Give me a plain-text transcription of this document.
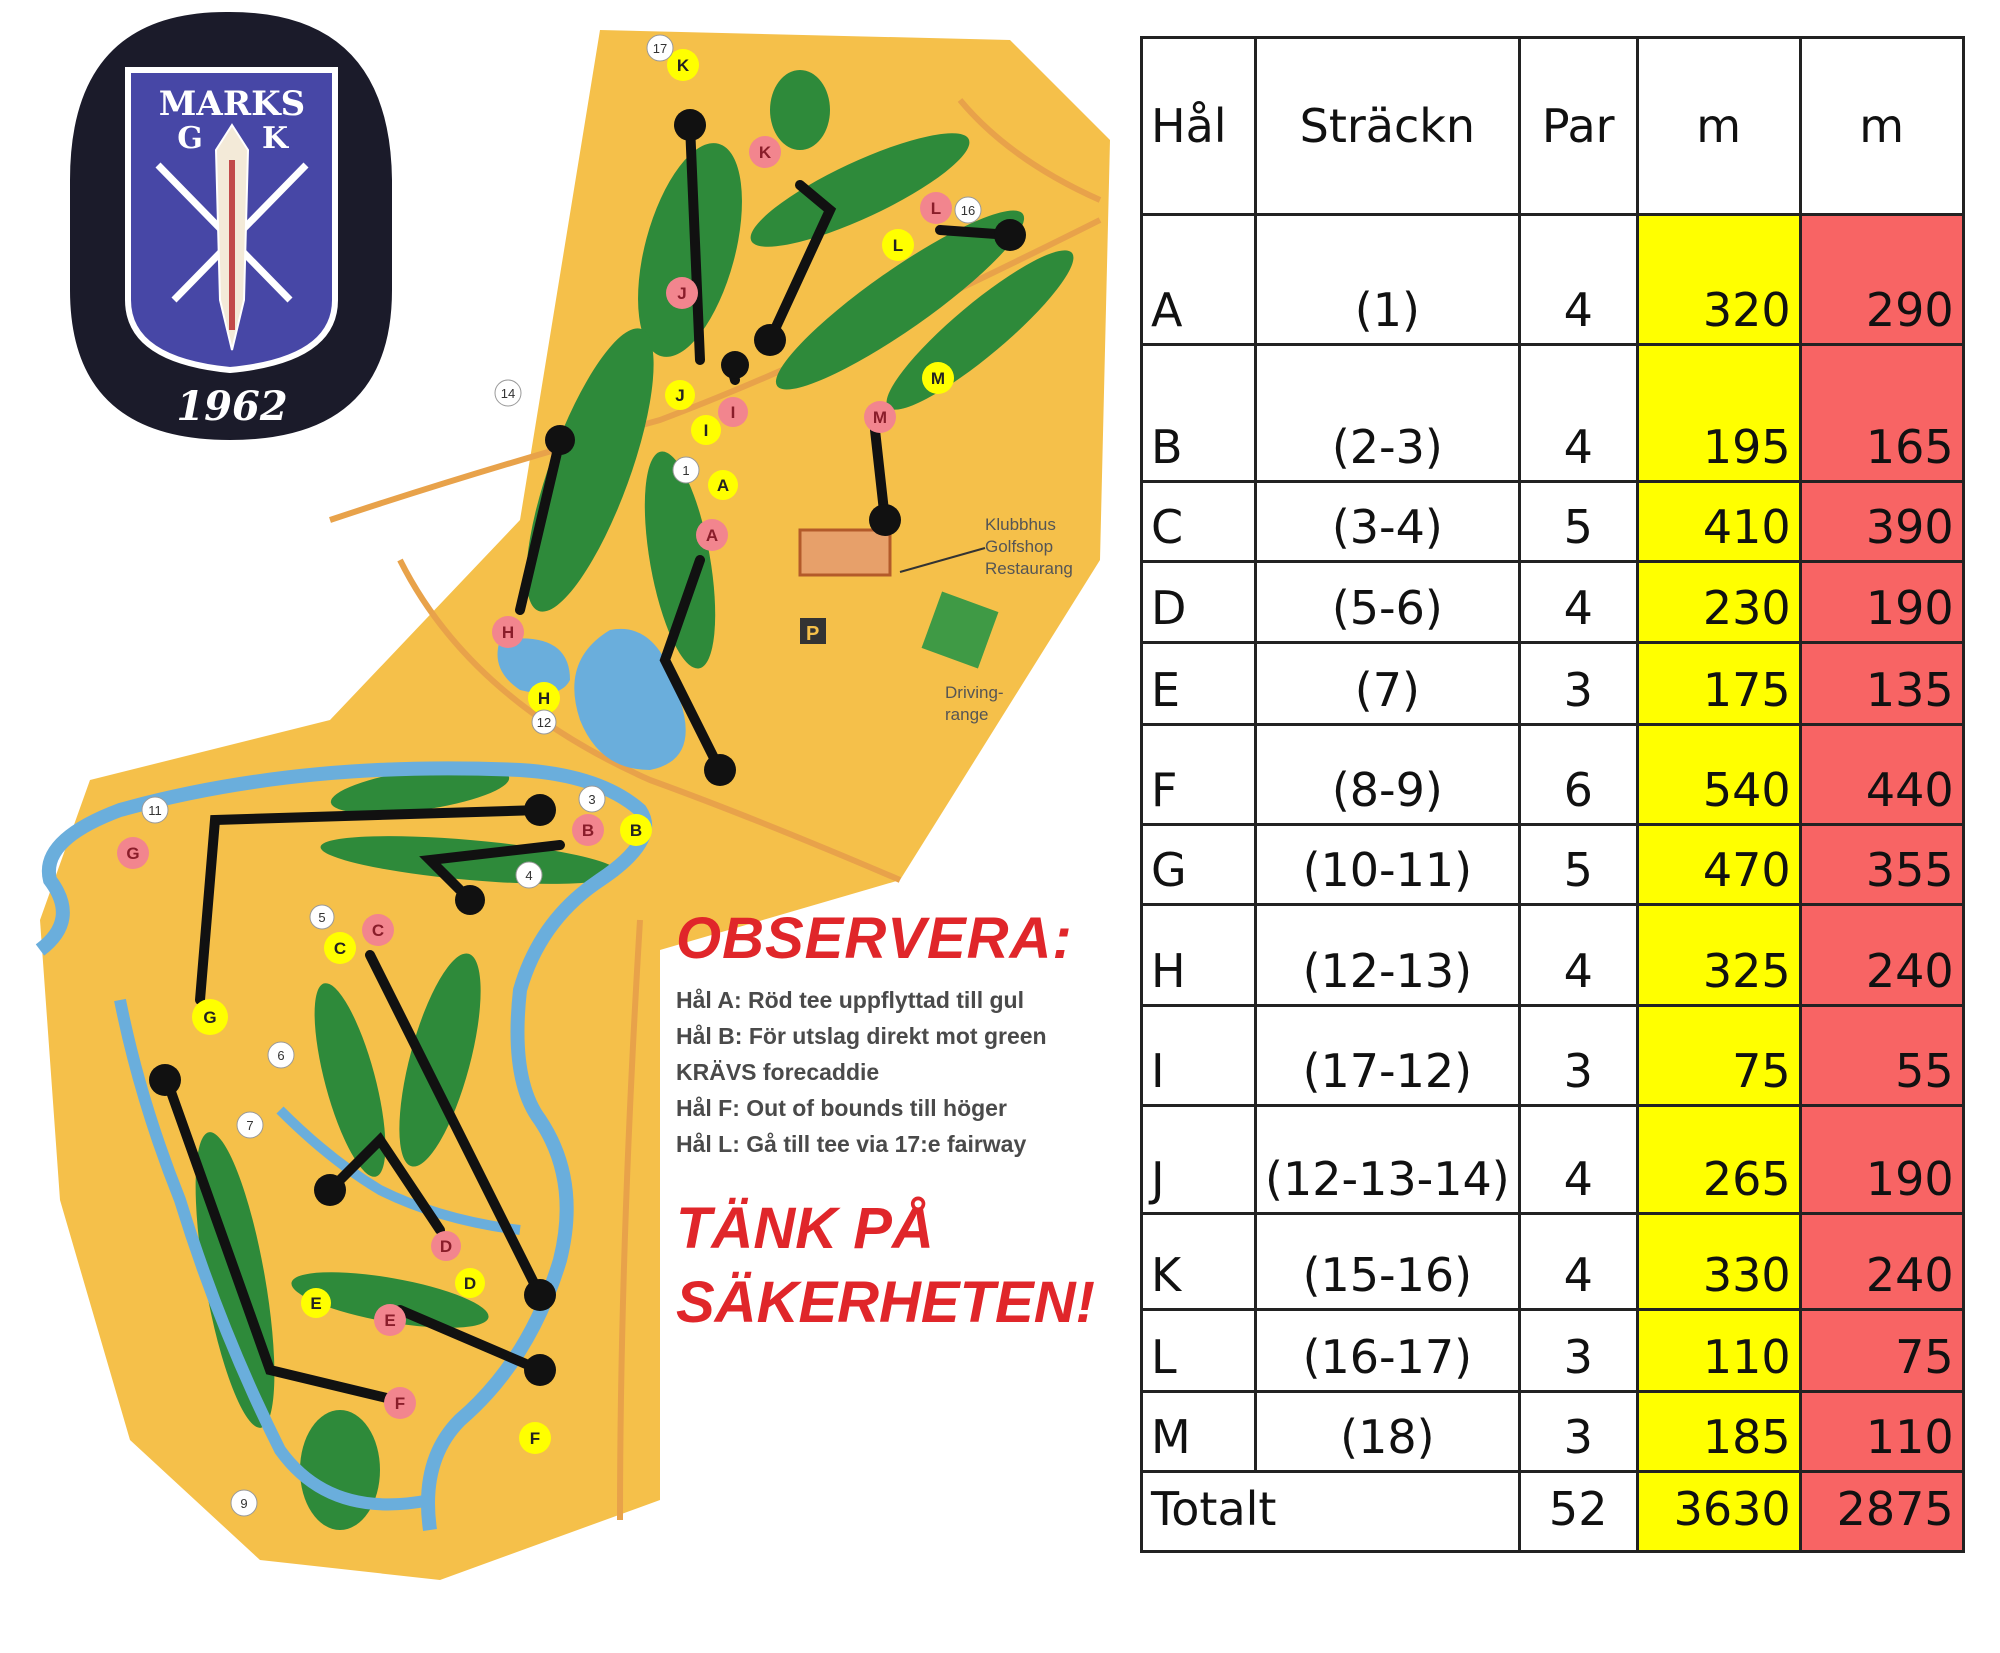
P
Klubbhus Golfshop Restaurang
Driving- range
K
L
M
J
I
A
H
B
C
G
D
E
F
K
L
J
I	M
A
H
B
G
C
D
E
F
17
16
14
1
12
11
3
4
5
6
7
9
MARKS
G K
1962
OBSERVERA:
Hål A: Röd tee uppflyttad till gul
Hål B: För utslag direkt mot green
KRÄVS forecaddie
Hål F: Out of bounds till höger
Hål L: Gå till tee via 17:e fairway
TÄNK PÅ
SÄKERHETEN!
Hål	Sträckn	Par	m	m
A	(1)	4	320	290
B	(2-3)	4	195	165
C	(3-4)	5	410	390
D	(5-6)	4	230	190
E	(7)	3	175	135
F	(8-9)	6	540	440
G	(10-11)	5	470	355
H	(12-13)	4	325	240
I	(17-12)	3	75	55
J	(12-13-14)	4	265	190
K	(15-16)	4	330	240
L	(16-17)	3	110	75
M	(18)	3	185	110
Totalt		52	3630	2875
